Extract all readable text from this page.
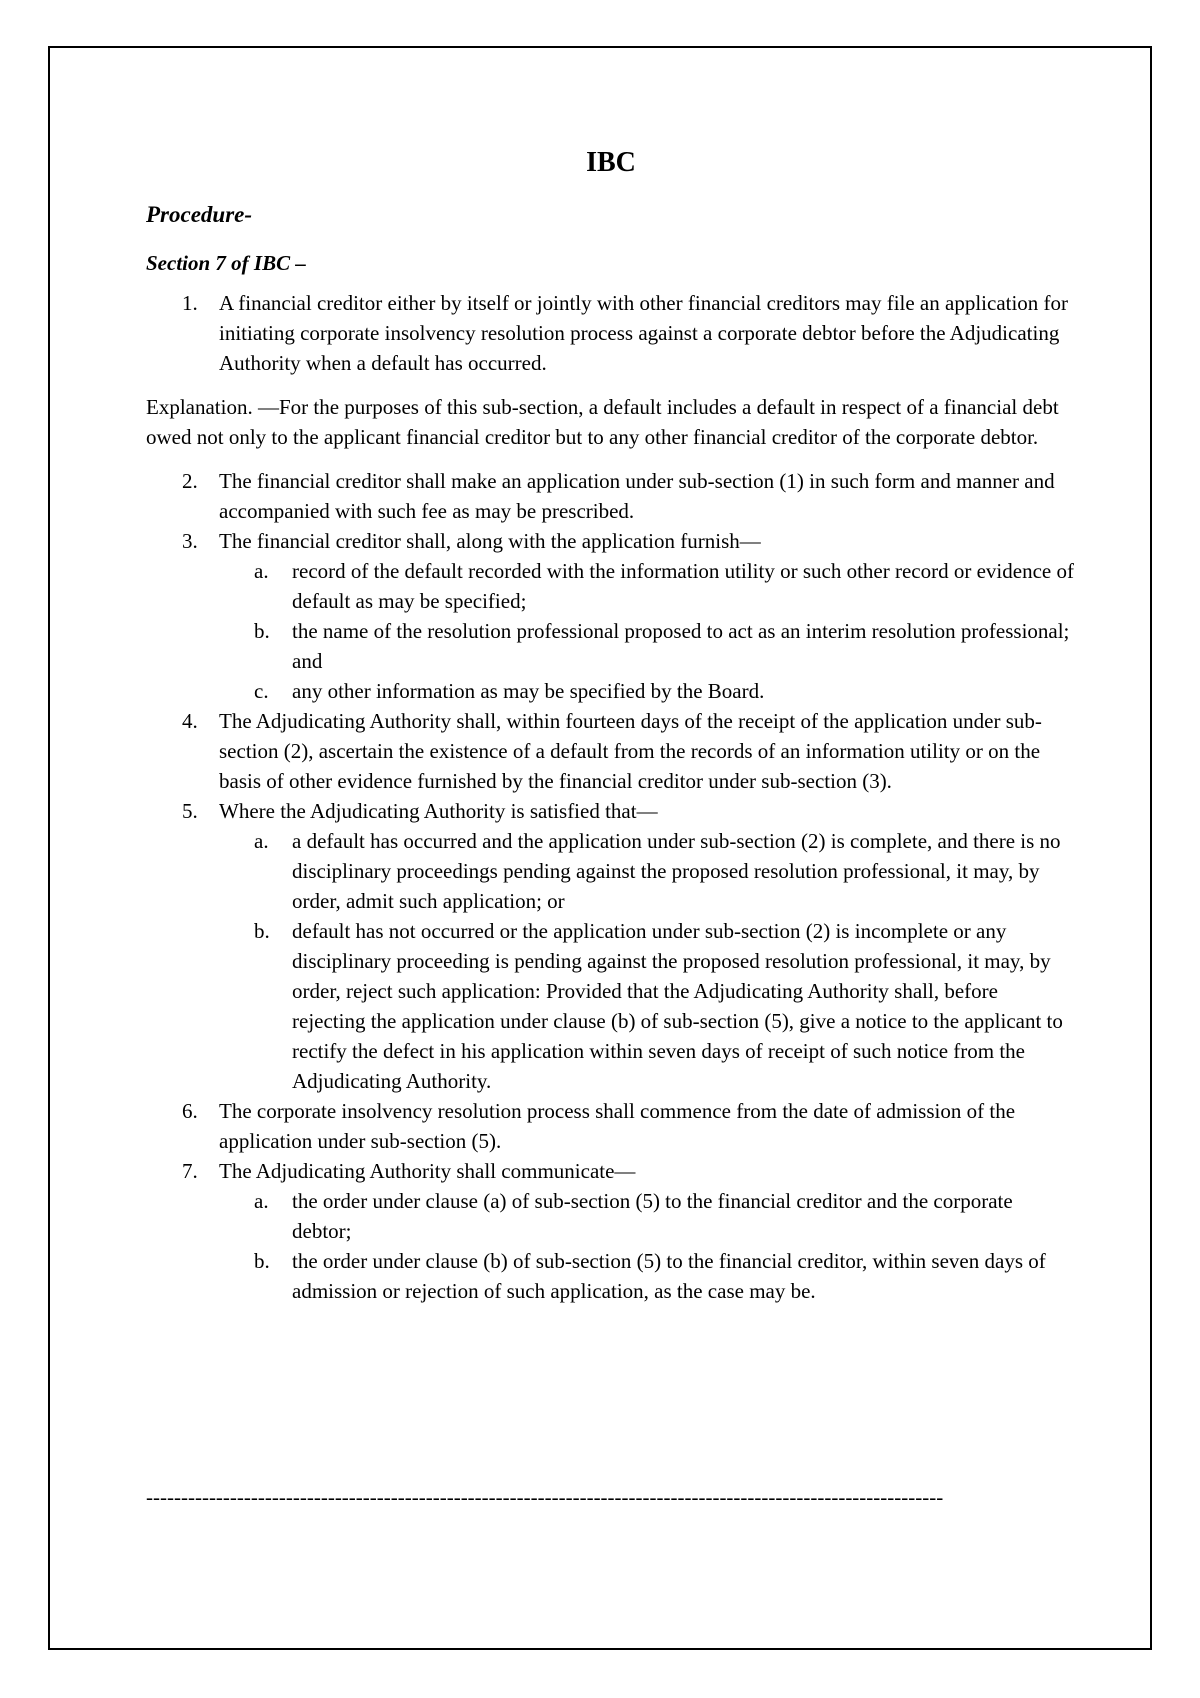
IBC
Procedure-
Section 7 of IBC –
1. A financial creditor either by itself or jointly with other financial creditors may file an application for initiating corporate insolvency resolution process against a corporate debtor before the Adjudicating Authority when a default has occurred.
Explanation. —For the purposes of this sub-section, a default includes a default in respect of a financial debt owed not only to the applicant financial creditor but to any other financial creditor of the corporate debtor.
2. The financial creditor shall make an application under sub-section (1) in such form and manner and accompanied with such fee as may be prescribed.
3. The financial creditor shall, along with the application furnish—
a. record of the default recorded with the information utility or such other record or evidence of default as may be specified;
b. the name of the resolution professional proposed to act as an interim resolution professional; and
c. any other information as may be specified by the Board.
4. The Adjudicating Authority shall, within fourteen days of the receipt of the application under sub-section (2), ascertain the existence of a default from the records of an information utility or on the basis of other evidence furnished by the financial creditor under sub-section (3).
5. Where the Adjudicating Authority is satisfied that—
a. a default has occurred and the application under sub-section (2) is complete, and there is no disciplinary proceedings pending against the proposed resolution professional, it may, by order, admit such application; or
b. default has not occurred or the application under sub-section (2) is incomplete or any disciplinary proceeding is pending against the proposed resolution professional, it may, by order, reject such application: Provided that the Adjudicating Authority shall, before rejecting the application under clause (b) of sub-section (5), give a notice to the applicant to rectify the defect in his application within seven days of receipt of such notice from the Adjudicating Authority.
6. The corporate insolvency resolution process shall commence from the date of admission of the application under sub-section (5).
7. The Adjudicating Authority shall communicate—
a. the order under clause (a) of sub-section (5) to the financial creditor and the corporate debtor;
b. the order under clause (b) of sub-section (5) to the financial creditor, within seven days of admission or rejection of such application, as the case may be.
------------------------------------------------------------------------------------------------------------------
